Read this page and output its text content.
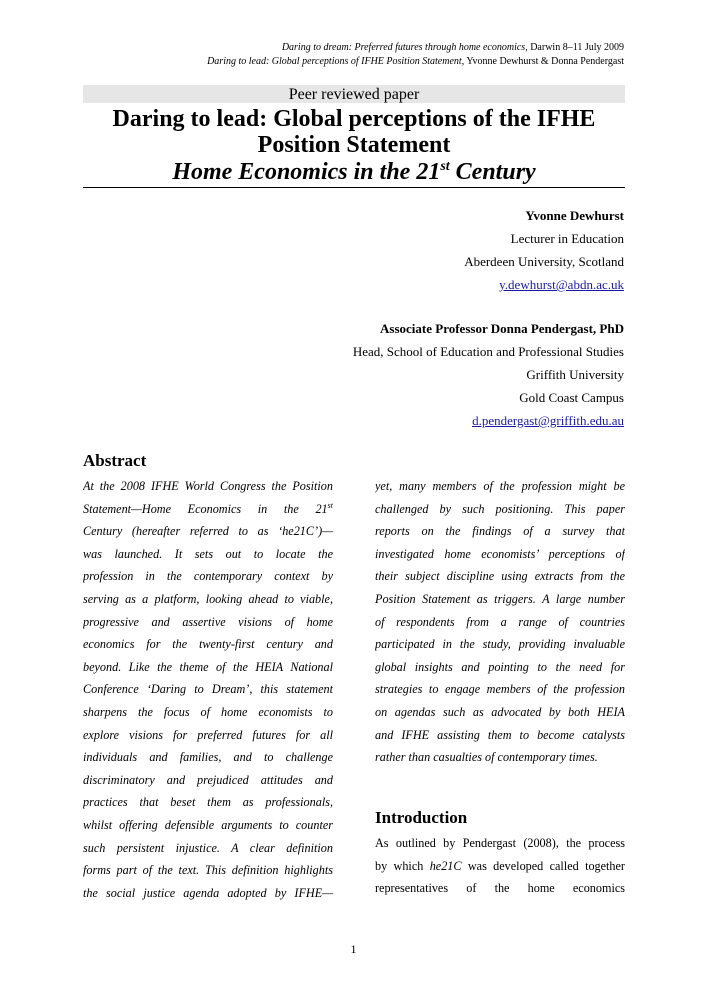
Daring to dream: Preferred futures through home economics, Darwin 8–11 July 2009
Daring to lead: Global perceptions of IFHE Position Statement, Yvonne Dewhurst & Donna Pendergast
Peer reviewed paper
Daring to lead: Global perceptions of the IFHE
Position Statement
Home Economics in the 21st Century
Yvonne Dewhurst
Lecturer in Education
Aberdeen University, Scotland
y.dewhurst@abdn.ac.uk
Associate Professor Donna Pendergast, PhD
Head, School of Education and Professional Studies
Griffith University
Gold Coast Campus
d.pendergast@griffith.edu.au
Abstract
At the 2008 IFHE World Congress the Position
Statement—Home Economics in the 21st
Century (hereafter referred to as ‘he21C’)—
was launched. It sets out to locate the
profession in the contemporary context by
serving as a platform, looking ahead to viable,
progressive and assertive visions of home
economics for the twenty-first century and
beyond. Like the theme of the HEIA National
Conference ‘Daring to Dream’, this statement
sharpens the focus of home economists to
explore visions for preferred futures for all
individuals and families, and to challenge
discriminatory and prejudiced attitudes and
practices that beset them as professionals,
whilst offering defensible arguments to counter
such persistent injustice. A clear definition
forms part of the text. This definition highlights
the social justice agenda adopted by IFHE—
yet, many members of the profession might be
challenged by such positioning. This paper
reports on the findings of a survey that
investigated home economists’ perceptions of
their subject discipline using extracts from the
Position Statement as triggers. A large number
of respondents from a range of countries
participated in the study, providing invaluable
global insights and pointing to the need for
strategies to engage members of the profession
on agendas such as advocated by both HEIA
and IFHE assisting them to become catalysts
rather than casualties of contemporary times.
Introduction
As outlined by Pendergast (2008), the process
by which he21C was developed called together
representatives of the home economics
1
